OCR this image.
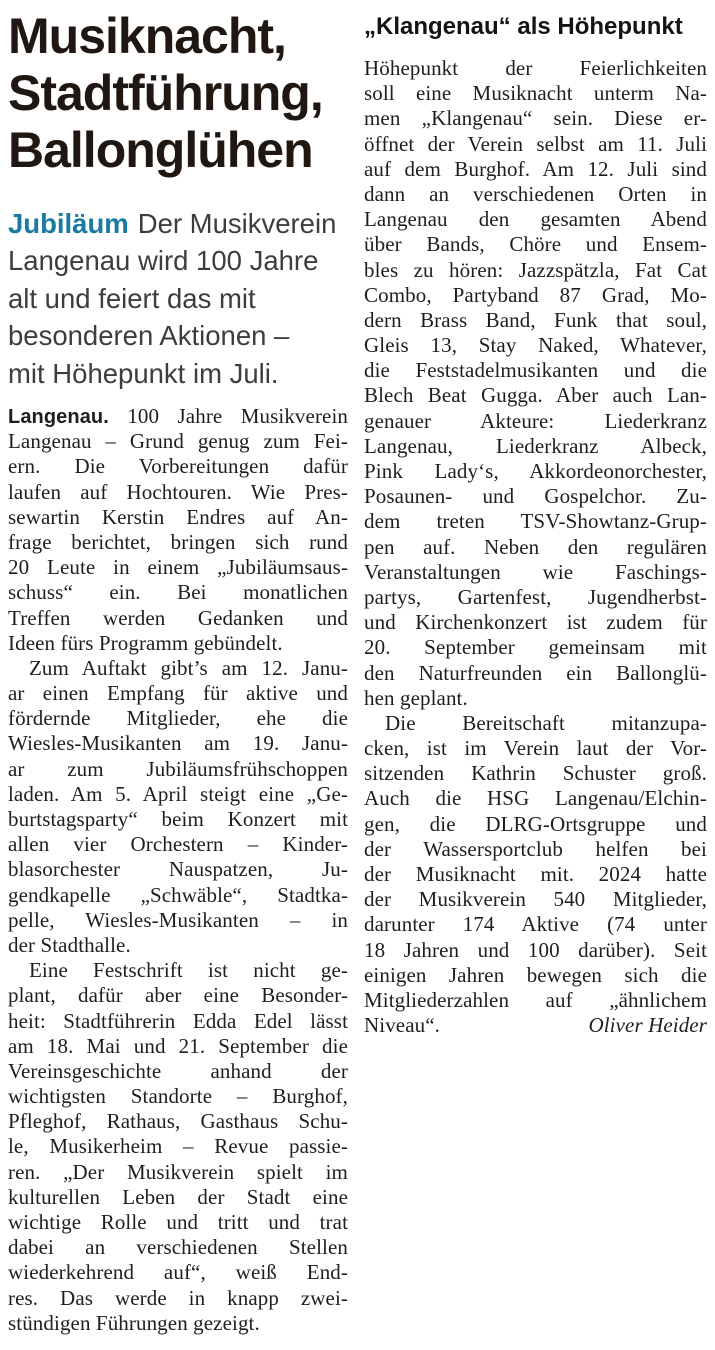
Musiknacht,
Stadtführung,
Ballonglühen
Jubiläum Der Musikverein
Langenau wird 100 Jahre
alt und feiert das mit
besonderen Aktionen –
mit Höhepunkt im Juli.
Langenau. 100 Jahre Musikverein
Langenau – Grund genug zum Fei-
ern. Die Vorbereitungen dafür
laufen auf Hochtouren. Wie Pres-
sewartin Kerstin Endres auf An-
frage berichtet, bringen sich rund
20 Leute in einem „Jubiläumsaus-
schuss“ ein. Bei monatlichen
Treffen werden Gedanken und
Ideen fürs Programm gebündelt.
Zum Auftakt gibt’s am 12. Janu-
ar einen Empfang für aktive und
fördernde Mitglieder, ehe die
Wiesles-Musikanten am 19. Janu-
ar zum Jubiläumsfrühschoppen
laden. Am 5. April steigt eine „Ge-
burtstagsparty“ beim Konzert mit
allen vier Orchestern – Kinder-
blasorchester Nauspatzen, Ju-
gendkapelle „Schwäble“, Stadtka-
pelle, Wiesles-Musikanten – in
der Stadthalle.
Eine Festschrift ist nicht ge-
plant, dafür aber eine Besonder-
heit: Stadtführerin Edda Edel lässt
am 18. Mai und 21. September die
Vereinsgeschichte anhand der
wichtigsten Standorte – Burghof,
Pfleghof, Rathaus, Gasthaus Schu-
le, Musikerheim – Revue passie-
ren. „Der Musikverein spielt im
kulturellen Leben der Stadt eine
wichtige Rolle und tritt und trat
dabei an verschiedenen Stellen
wiederkehrend auf“, weiß End-
res. Das werde in knapp zwei-
stündigen Führungen gezeigt.
„Klangenau“ als Höhepunkt
Höhepunkt der Feierlichkeiten
soll eine Musiknacht unterm Na-
men „Klangenau“ sein. Diese er-
öffnet der Verein selbst am 11. Juli
auf dem Burghof. Am 12. Juli sind
dann an verschiedenen Orten in
Langenau den gesamten Abend
über Bands, Chöre und Ensem-
bles zu hören: Jazzspätzla, Fat Cat
Combo, Partyband 87 Grad, Mo-
dern Brass Band, Funk that soul,
Gleis 13, Stay Naked, Whatever,
die Feststadelmusikanten und die
Blech Beat Gugga. Aber auch Lan-
genauer Akteure: Liederkranz
Langenau, Liederkranz Albeck,
Pink Lady‘s, Akkordeonorchester,
Posaunen- und Gospelchor. Zu-
dem treten TSV-Showtanz-Grup-
pen auf. Neben den regulären
Veranstaltungen wie Faschings-
partys, Gartenfest, Jugendherbst-
und Kirchenkonzert ist zudem für
20. September gemeinsam mit
den Naturfreunden ein Ballonglü-
hen geplant.
Die Bereitschaft mitanzupa-
cken, ist im Verein laut der Vor-
sitzenden Kathrin Schuster groß.
Auch die HSG Langenau/Elchin-
gen, die DLRG-Ortsgruppe und
der Wassersportclub helfen bei
der Musiknacht mit. 2024 hatte
der Musikverein 540 Mitglieder,
darunter 174 Aktive (74 unter
18 Jahren und 100 darüber). Seit
einigen Jahren bewegen sich die
Mitgliederzahlen auf „ähnlichem
Niveau“.	Oliver Heider
